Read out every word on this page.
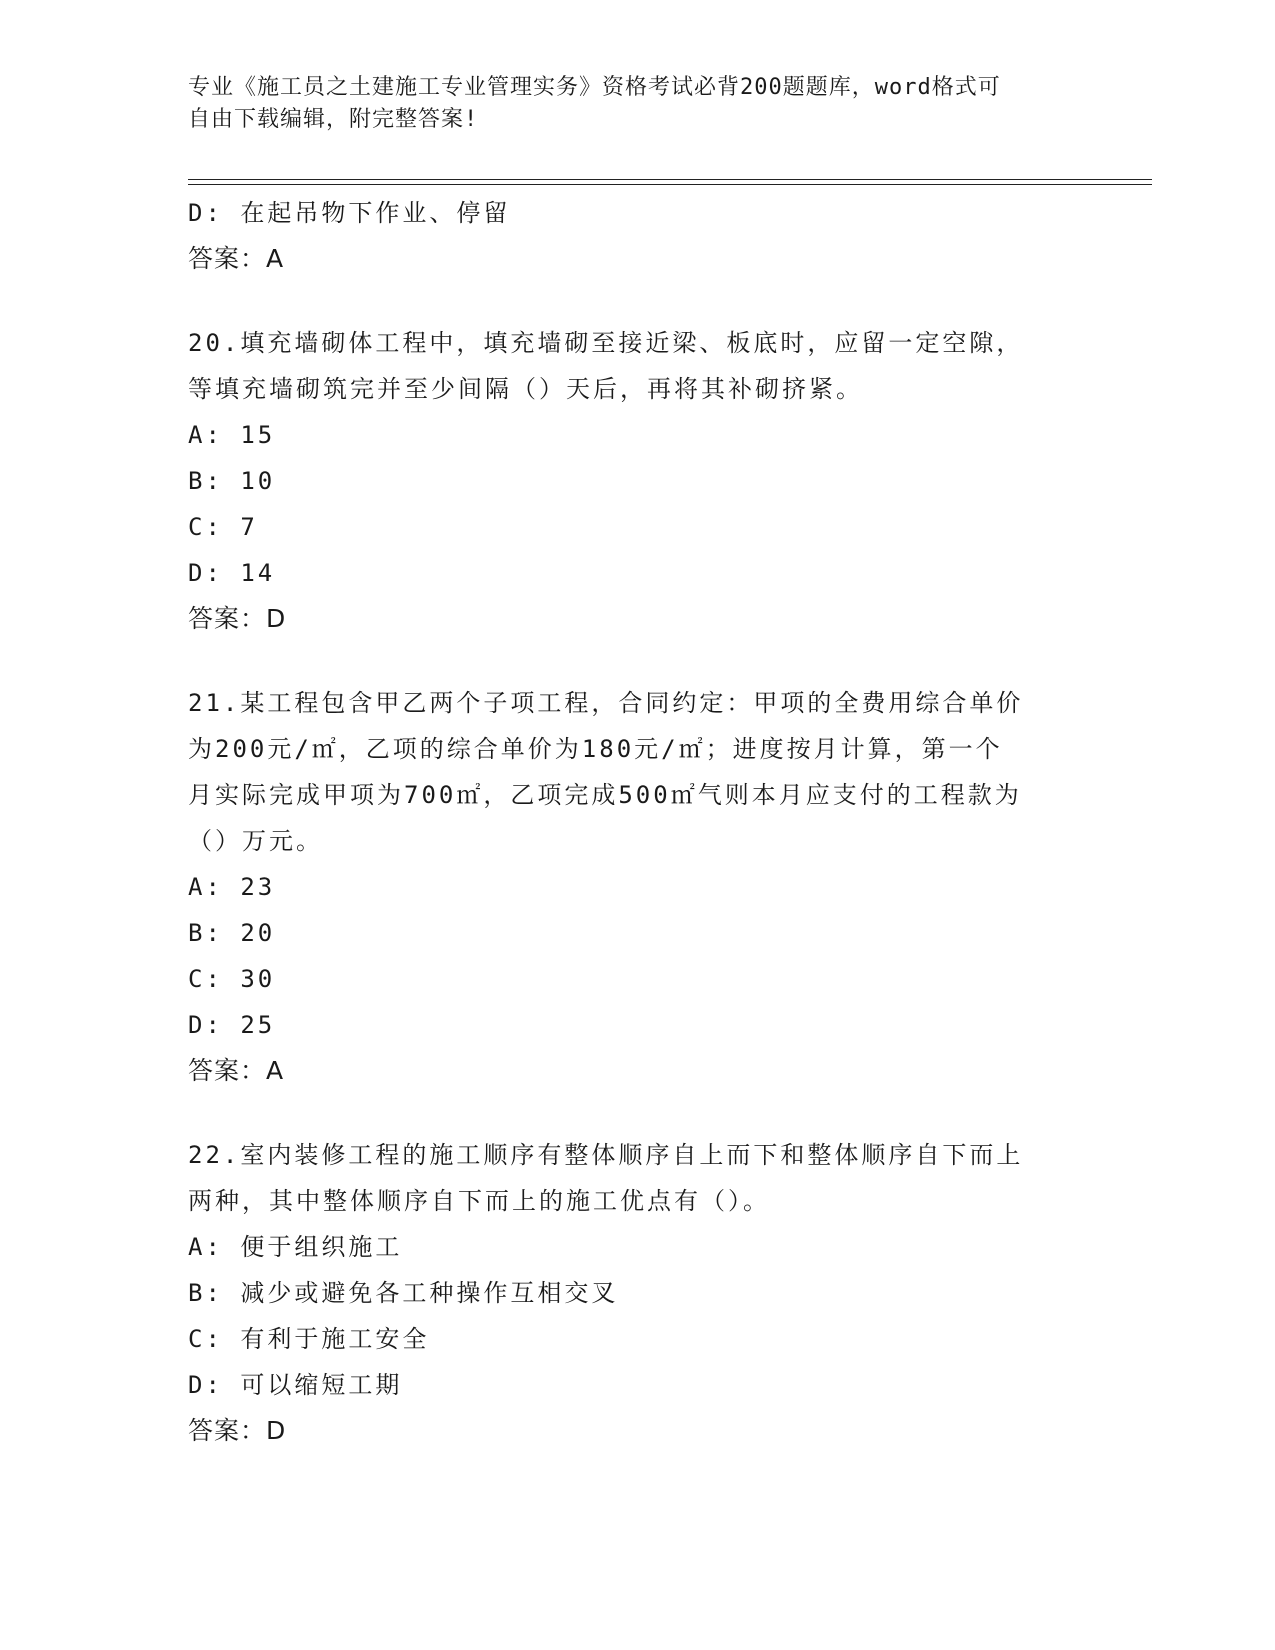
专业《施工员之土建施工专业管理实务》资格考试必背200题题库，word格式可
自由下载编辑，附完整答案!
D: 在起吊物下作业、停留
答案：A
20.填充墙砌体工程中，填充墙砌至接近梁、板底时，应留一定空隙，
等填充墙砌筑完并至少间隔（）天后，再将其补砌挤紧。
A: 15
B: 10
C: 7
D: 14
答案：D
21.某工程包含甲乙两个子项工程，合同约定：甲项的全费用综合单价
为200元/㎡，乙项的综合单价为180元/㎡；进度按月计算，第一个
月实际完成甲项为700㎡，乙项完成500㎡气则本月应支付的工程款为
（）万元。
A: 23
B: 20
C: 30
D: 25
答案：A
22.室内装修工程的施工顺序有整体顺序自上而下和整体顺序自下而上
两种，其中整体顺序自下而上的施工优点有（）。
A: 便于组织施工
B: 减少或避免各工种操作互相交叉
C: 有利于施工安全
D: 可以缩短工期
答案：D
